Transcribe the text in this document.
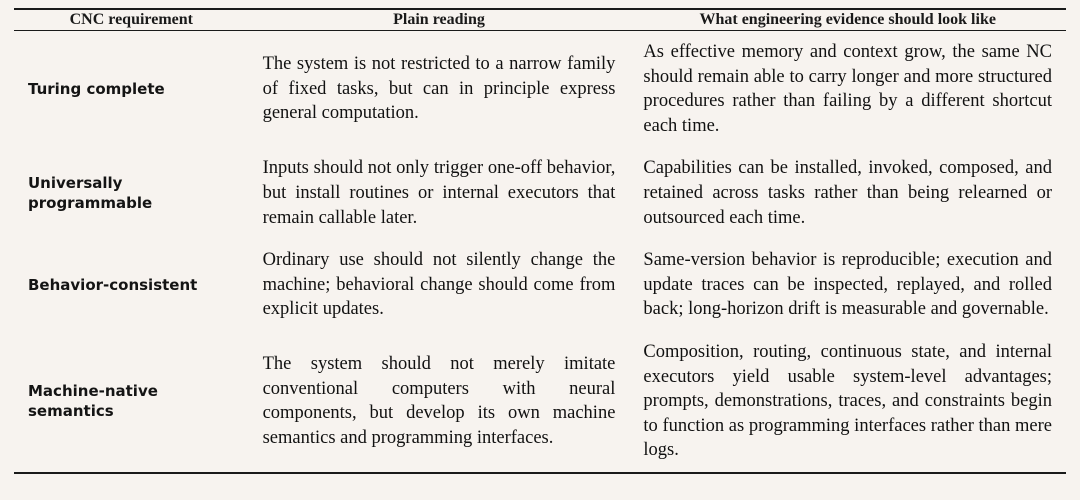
CNC requirement	Plain reading	What engineering evidence should look like

Turing complete	The system is not restricted to a narrow family of fixed tasks, but can in principle express general computation.	As effective memory and context grow, the same NC should remain able to carry longer and more structured procedures rather than failing by a different shortcut each time.
Universally programmable	Inputs should not only trigger one-off behavior, but install routines or internal executors that remain callable later.	Capabilities can be installed, invoked, composed, and retained across tasks rather than being relearned or outsourced each time.
Behavior-consistent	Ordinary use should not silently change the machine; behavioral change should come from explicit updates.	Same-version behavior is reproducible; execution and update traces can be inspected, replayed, and rolled back; long-horizon drift is measurable and governable.
Machine-native semantics	The system should not merely imitate conventional computers with neural components, but develop its own machine semantics and programming interfaces.	Composition, routing, continuous state, and internal executors yield usable system-level advantages; prompts, demonstrations, traces, and constraints begin to function as programming interfaces rather than mere logs.
